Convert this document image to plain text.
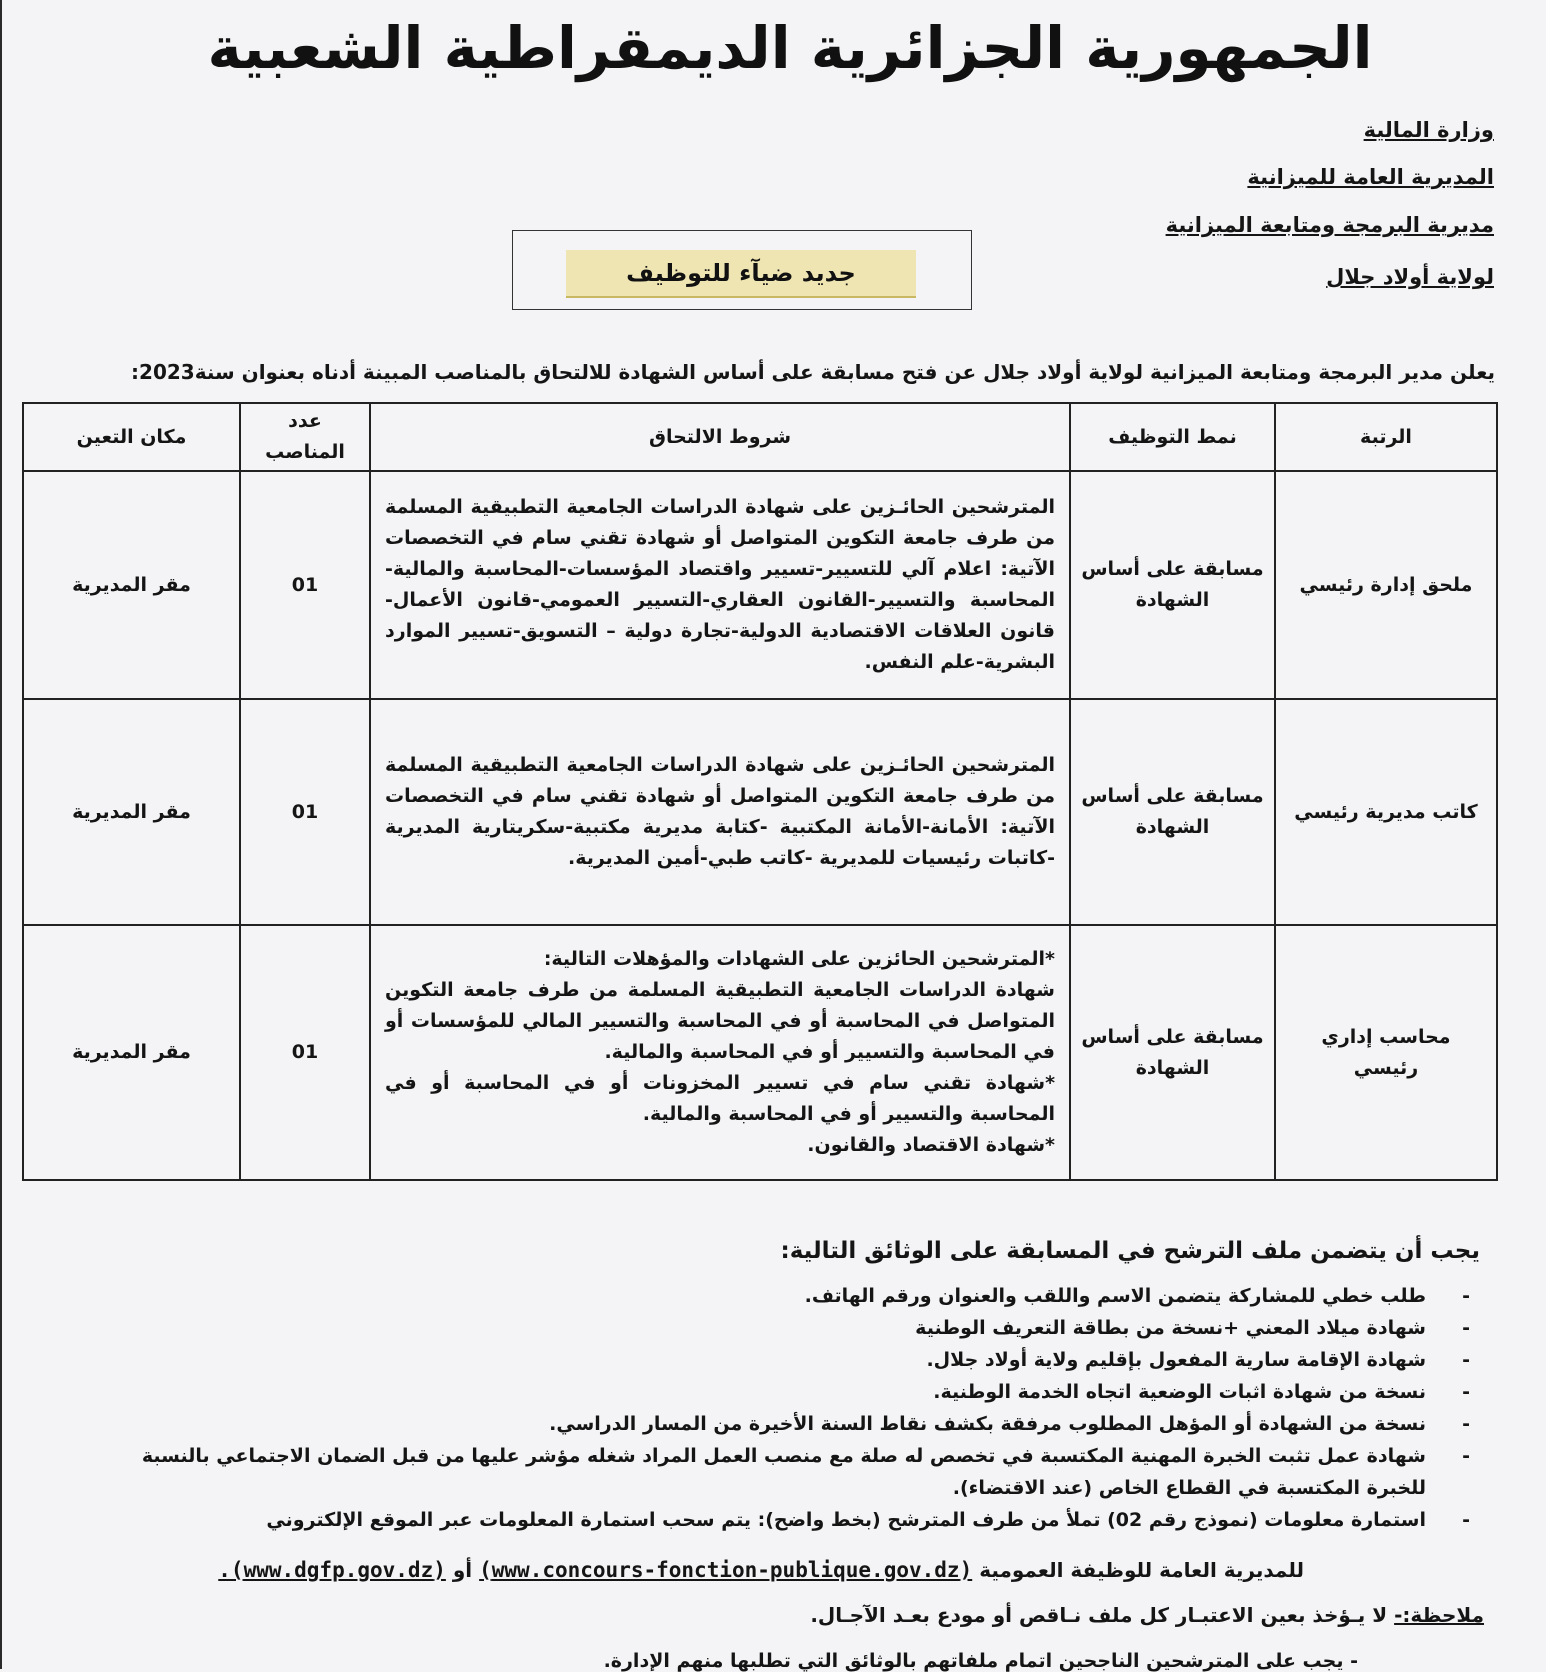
الجمهورية الجزائرية الديمقراطية الشعبية
وزارة المالية
المديرية العامة للميزانية
مديرية البرمجة ومتابعة الميزانية
لولاية أولاد جلال
جديد ضيآء للتوظيف
يعلن مدير البرمجة ومتابعة الميزانية لولاية أولاد جلال عن فتح مسابقة على أساس الشهادة للالتحاق بالمناصب المبينة أدناه بعنوان سنة2023:
الرتبة	نمط التوظيف	شروط الالتحاق	عدد المناصب	مكان التعين
ملحق إدارة رئيسي	مسابقة على أساس الشهادة	المترشحين الحائـزين على شهادة الدراسات الجامعية التطبيقية المسلمة من طرف جامعة التكوين المتواصل أو شهادة تقني سام في التخصصات الآتية: اعلام آلي للتسيير-تسيير واقتصاد المؤسسات-المحاسبة والمالية-المحاسبة والتسيير-القانون العقاري-التسيير العمومي-قانون الأعمال-قانون العلاقات الاقتصادية الدولية-تجارة دولية – التسويق-تسيير الموارد البشرية-علم النفس.	01	مقر المديرية
كاتب مديرية رئيسي	مسابقة على أساس الشهادة	المترشحين الحائـزين على شهادة الدراسات الجامعية التطبيقية المسلمة من طرف جامعة التكوين المتواصل أو شهادة تقني سام في التخصصات الآتية: الأمانة-الأمانة المكتبية -كتابة مديرية مكتبية-سكريتارية المديرية -كاتبات رئيسيات للمديرية -كاتب طبي-أمين المديرية.	01	مقر المديرية
محاسب إداري رئيسي	مسابقة على أساس الشهادة	*المترشحين الحائزين على الشهادات والمؤهلات التالية:
شهادة الدراسات الجامعية التطبيقية المسلمة من طرف جامعة التكوين المتواصل في المحاسبة أو في المحاسبة والتسيير المالي للمؤسسات أو في المحاسبة والتسيير أو في المحاسبة والمالية.
*شهادة تقني سام في تسيير المخزونات أو في المحاسبة أو في المحاسبة والتسيير أو في المحاسبة والمالية.
*شهادة الاقتصاد والقانون.	01	مقر المديرية
يجب أن يتضمن ملف الترشح في المسابقة على الوثائق التالية:
- طلب خطي للمشاركة يتضمن الاسم واللقب والعنوان ورقم الهاتف.
- شهادة ميلاد المعني +نسخة من بطاقة التعريف الوطنية
- شهادة الإقامة سارية المفعول بإقليم ولاية أولاد جلال.
- نسخة من شهادة اثبات الوضعية اتجاه الخدمة الوطنية.
- نسخة من الشهادة أو المؤهل المطلوب مرفقة بكشف نقاط السنة الأخيرة من المسار الدراسي.
- شهادة عمل تثبت الخبرة المهنية المكتسبة في تخصص له صلة مع منصب العمل المراد شغله مؤشر عليها من قبل الضمان الاجتماعي بالنسبة للخبرة المكتسبة في القطاع الخاص (عند الاقتضاء).
- استمارة معلومات (نموذج رقم 02) تملأ من طرف المترشح (بخط واضح): يتم سحب استمارة المعلومات عبر الموقع الإلكتروني
للمديرية العامة للوظيفة العمومية (www.concours-fonction-publique.gov.dz) أو (www.dgfp.gov.dz).
ملاحظة:- لا يـؤخذ بعين الاعتبـار كل ملف نـاقص أو مودع بعـد الآجـال.
- يجب على المترشحين الناجحين اتمام ملفاتهم بالوثائق التي تطلبها منهم الإدارة.
